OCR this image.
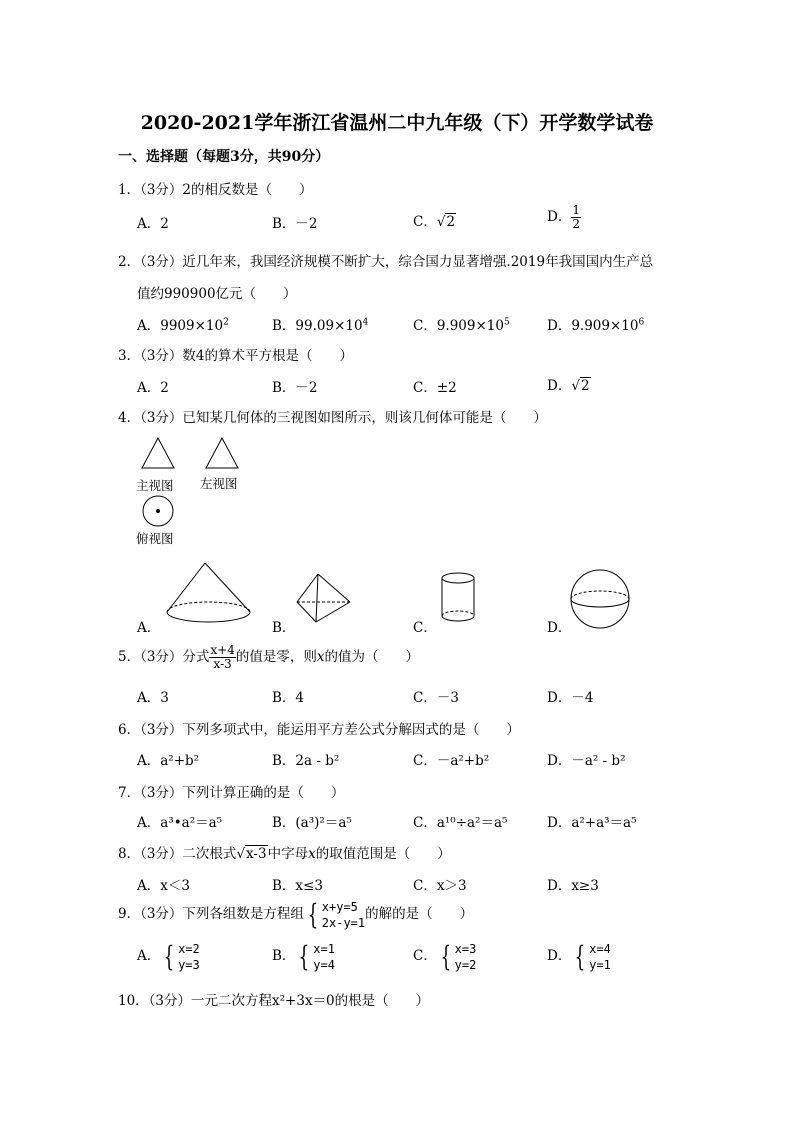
2020-2021学年浙江省温州二中九年级（下）开学数学试卷
一、选择题（每题3分，共90分）
1．（3分）2的相反数是（　　）
A．2	B．－2	C．√2	D． $\frac{1}{2}$
2．（3分）近几年来，我国经济规模不断扩大，综合国力显著增强.2019年我国国内生产总
值约990900亿元（　　）
A．$9909\times 10^2$	B．$99.09\times 10^4$	C．$9.909\times 10^5$	D．$9.909\times 10^6$
3．（3分）数4的算术平方根是（　　）
A．2	B．－2	C．±2	D．√2
4．（3分）已知某几何体的三视图如图所示，则该几何体可能是（　　）
主视图 左视图
俯视图
A．	B．	C．	D．
5．（3分）分式 $\frac{x+4}{x-3}$ 的值是零，则x的值为（　　）
A．3	B．4	C．－3	D．－4
6．（3分）下列多项式中，能运用平方差公式分解因式的是（　　）
A．a²+b²	B．2a - b²	C．－a²+b²	D．－a² - b²
7．（3分）下列计算正确的是（　　）
A．a³•a²＝a⁵	B．(a³)²＝a⁵	C．a¹⁰÷a²＝a⁵	D．a²+a³＝a⁵
8．（3分）二次根式√x-3中字母x的取值范围是（　　）
A．x＜3	B．x≤3	C．x＞3	D．x≥3
9．（3分）下列各组数是方程组 { x+y=5
2x-y=1
的解的是（　　）
A． { x=2
y=3
B． { x=1
y=4
C． { x=3
y=2
D． { x=4
y=1
10．（3分）一元二次方程x²+3x＝0的根是（　　）
